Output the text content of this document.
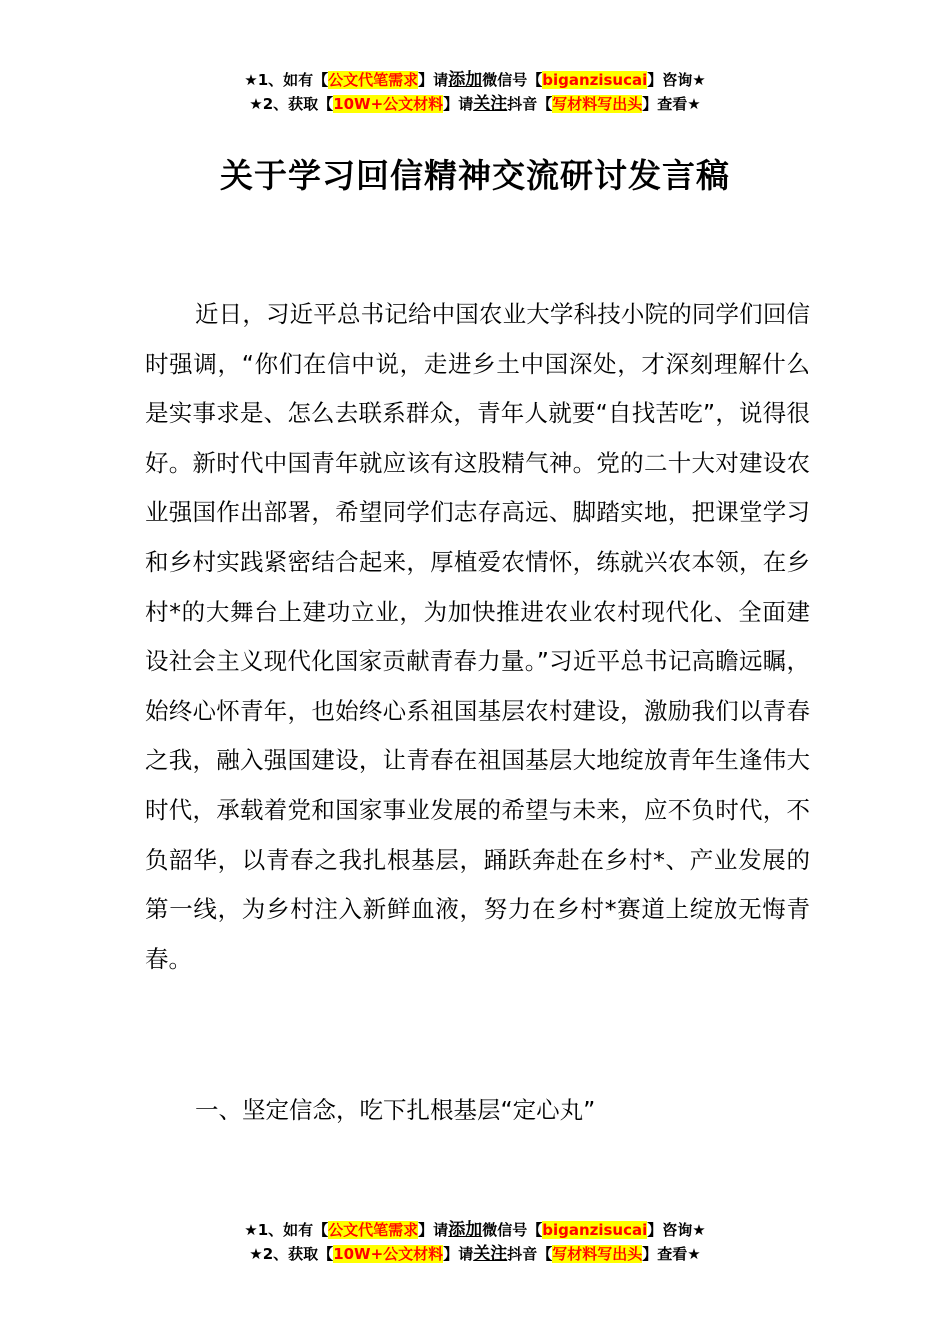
★1、如有【公文代笔需求】请添加微信号【biganzisucai】咨询★
★2、获取【10W+公文材料】请关注抖音【写材料写出头】查看★
关于学习回信精神交流研讨发言稿

近日，习近平总书记给中国农业大学科技小院的同学们回信时强调，“你们在信中说，走进乡土中国深处，才深刻理解什么是实事求是、怎么去联系群众，青年人就要“自找苦吃”，说得很好。新时代中国青年就应该有这股精气神。党的二十大对建设农业强国作出部署，希望同学们志存高远、脚踏实地，把课堂学习和乡村实践紧密结合起来，厚植爱农情怀，练就兴农本领，在乡村*的大舞台上建功立业，为加快推进农业农村现代化、全面建设社会主义现代化国家贡献青春力量。”习近平总书记高瞻远瞩，始终心怀青年，也始终心系祖国基层农村建设，激励我们以青春之我，融入强国建设，让青春在祖国基层大地绽放青年生逢伟大时代，承载着党和国家事业发展的希望与未来，应不负时代，不负韶华，以青春之我扎根基层，踊跃奔赴在乡村*、产业发展的第一线，为乡村注入新鲜血液，努力在乡村*赛道上绽放无悔青春。

一、坚定信念，吃下扎根基层“定心丸”

★1、如有【公文代笔需求】请添加微信号【biganzisucai】咨询★
★2、获取【10W+公文材料】请关注抖音【写材料写出头】查看★
